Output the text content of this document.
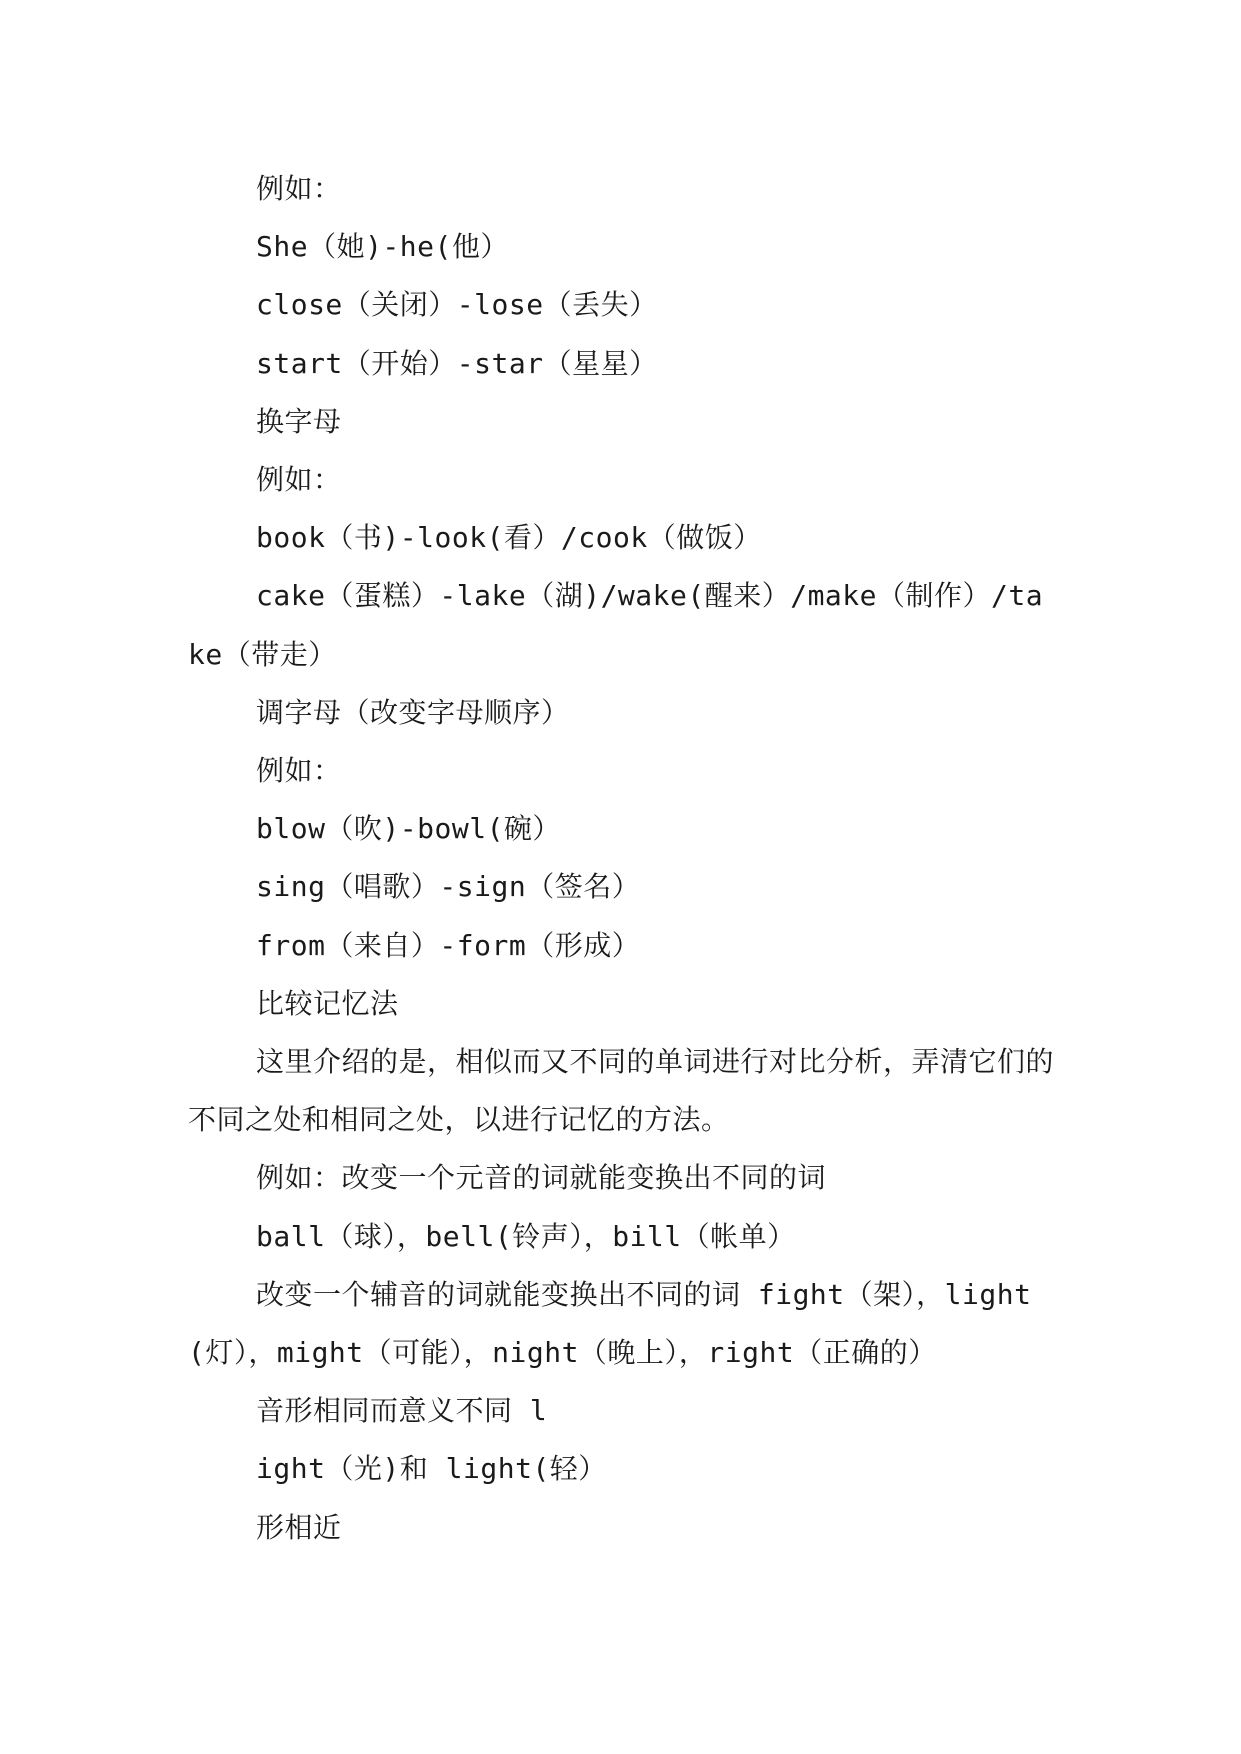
例如：

She（她)-he(他）

close（关闭）-lose（丢失）

start（开始）-star（星星）

换字母

例如：

book（书)-look(看）/cook（做饭）

cake（蛋糕）-lake（湖)/wake(醒来）/make（制作）/take（带走）

调字母（改变字母顺序）

例如：

blow（吹)-bowl(碗）

sing（唱歌）-sign（签名）

from（来自）-form（形成）

比较记忆法

这里介绍的是，相似而又不同的单词进行对比分析，弄清它们的不同之处和相同之处，以进行记忆的方法。

例如：改变一个元音的词就能变换出不同的词

ball（球），bell(铃声），bill（帐单）

改变一个辅音的词就能变换出不同的词 fight（架），light(灯），might（可能），night（晚上），right（正确的）

音形相同而意义不同 l

ight（光)和 light(轻）

形相近
